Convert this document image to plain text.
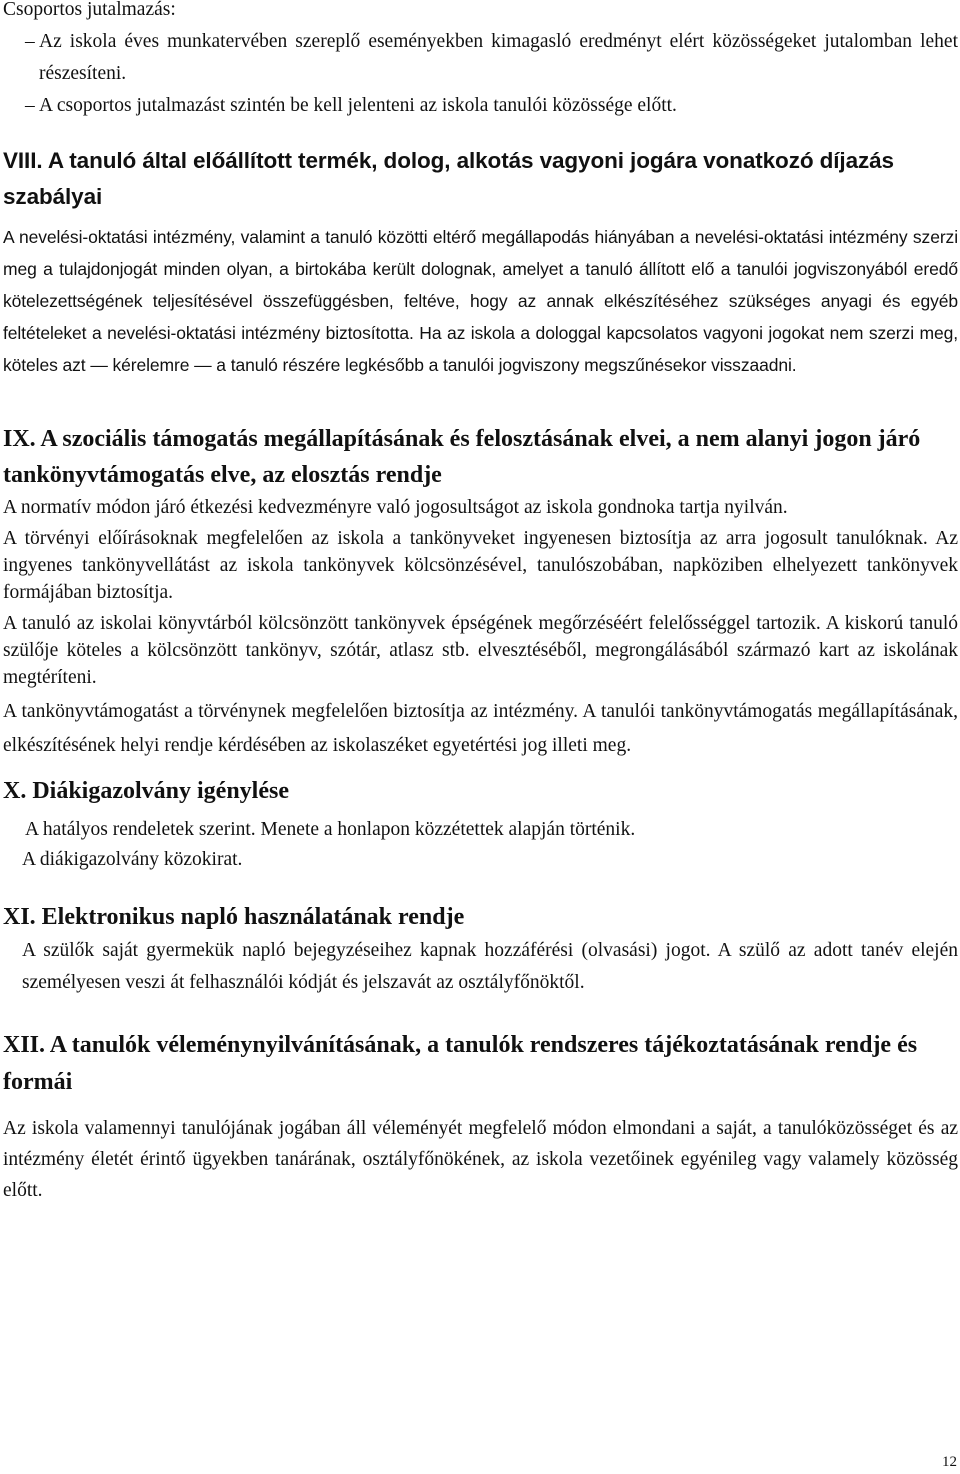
Csoportos jutalmazás:

– Az iskola éves munkatervében szereplő eseményekben kimagasló eredményt elért közösségeket jutalomban lehet részesíteni.
– A csoportos jutalmazást szintén be kell jelenteni az iskola tanulói közössége előtt.
VIII. A tanuló által előállított termék, dolog, alkotás vagyoni jogára vonatkozó díjazás szabályai

A nevelési-oktatási intézmény, valamint a tanuló közötti eltérő megállapodás hiányában a nevelési-oktatási intézmény szerzi meg a tulajdonjogát minden olyan, a birtokába került dolognak, amelyet a tanuló állított elő a tanulói jogviszonyából eredő kötelezettségének teljesítésével összefüggésben, feltéve, hogy az annak elkészítéséhez szükséges anyagi és egyéb feltételeket a nevelési-oktatási intézmény biztosította. Ha az iskola a dologgal kapcsolatos vagyoni jogokat nem szerzi meg, köteles azt — kérelemre — a tanuló részére legkésőbb a tanulói jogviszony megszűnésekor visszaadni.

IX. A szociális támogatás megállapításának és felosztásának elvei, a nem alanyi jogon járó tankönyvtámogatás elve, az elosztás rendje

A normatív módon járó étkezési kedvezményre való jogosultságot az iskola gondnoka tartja nyilván.

A törvényi előírásoknak megfelelően az iskola a tankönyveket ingyenesen biztosítja az arra jogosult tanulóknak. Az ingyenes tankönyvellátást az iskola tankönyvek kölcsönzésével, tanulószobában, napköziben elhelyezett tankönyvek formájában biztosítja.

A tanuló az iskolai könyvtárból kölcsönzött tankönyvek épségének megőrzéséért felelősséggel tartozik. A kiskorú tanuló szülője köteles a kölcsönzött tankönyv, szótár, atlasz stb. elvesztéséből, megrongálásából származó kart az iskolának megtéríteni.

A tankönyvtámogatást a törvénynek megfelelően biztosítja az intézmény. A tanulói tankönyvtámogatás megállapításának, elkészítésének helyi rendje kérdésében az iskolaszéket egyetértési jog illeti meg.

X. Diákigazolvány igénylése

A hatályos rendeletek szerint. Menete a honlapon közzétettek alapján történik.

A diákigazolvány közokirat.

XI. Elektronikus napló használatának rendje

A szülők saját gyermekük napló bejegyzéseihez kapnak hozzáférési (olvasási) jogot. A szülő az adott tanév elején személyesen veszi át felhasználói kódját és jelszavát az osztályfőnöktől.

XII. A tanulók véleménynyilvánításának, a tanulók rendszeres tájékoztatásának rendje és formái

Az iskola valamennyi tanulójának jogában áll véleményét megfelelő módon elmondani a saját, a tanulóközösséget és az intézmény életét érintő ügyekben tanárának, osztályfőnökének, az iskola vezetőinek egyénileg vagy valamely közösség előtt.

12
